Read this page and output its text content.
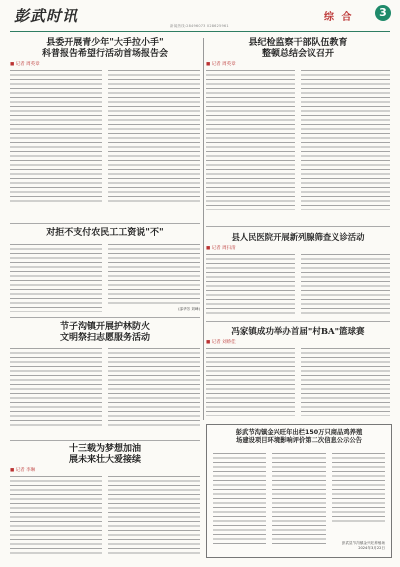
彭武时讯
新闻热线:28496073 028625961
综 合	3
县委开展青少年"大手拉小手"
科普报告希望行活动首场报告会
■ 记者 周英章
对拒不支付农民工工资说"不"
(邵华芳 刘峰)
节子沟镇开展护林防火
文明祭扫志愿服务活动
十三载为梦想加油
展未来壮大爱接续
■ 记者 李琳
县纪检监察干部队伍教育
整顿总结会议召开
■ 记者 周英章
县人民医院开展新列腺筛查义诊活动
■ 记者 周扫清
冯家镇成功举办首届"村BA"篮球赛
■ 记者 刘娇佳
彭武节沟镇金兴旺年出栏150万只商品鸡养殖
场建设项目环境影响评价第二次信息公示公告
彭武县节沟镇金兴旺养殖场
2024年3月22日
